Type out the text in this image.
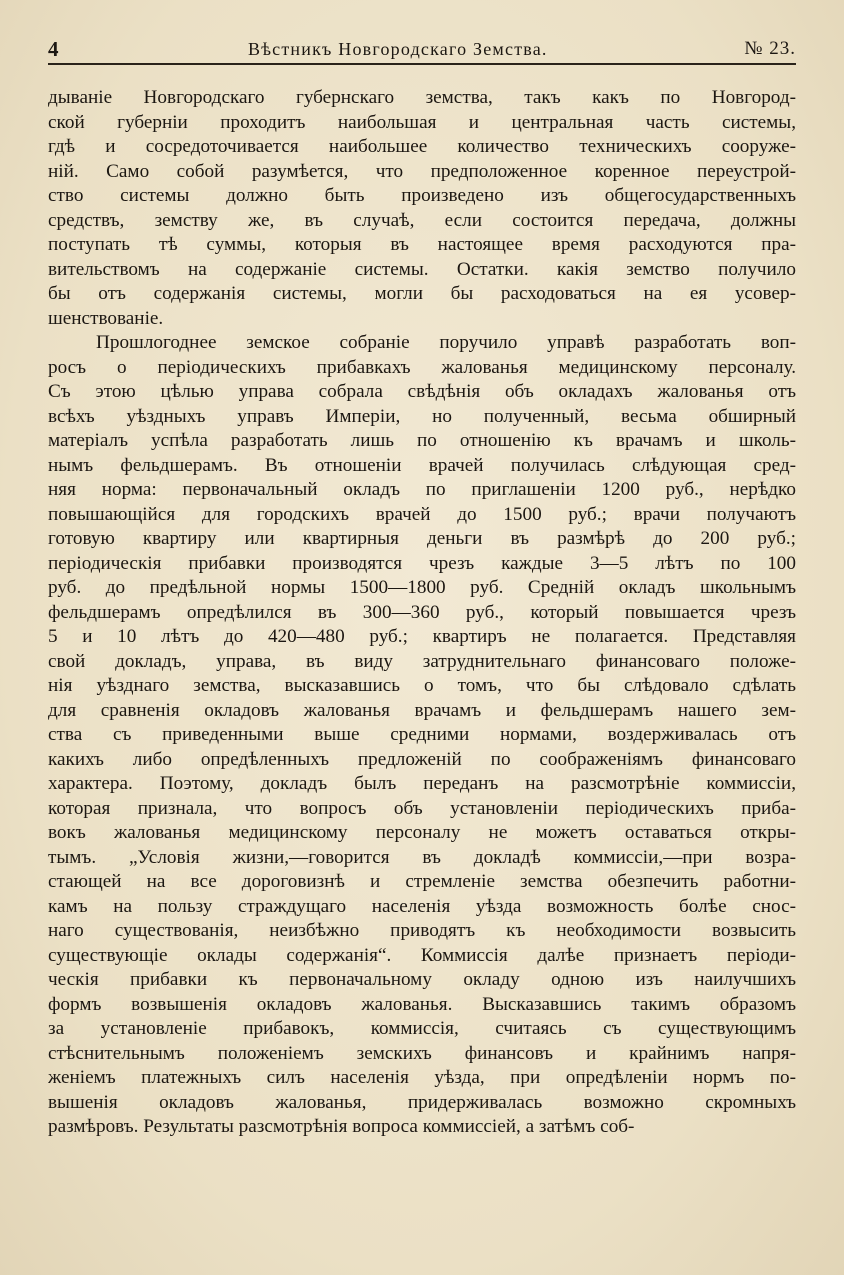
4	Вѣстникъ Новгородскаго Земства.	№ 23.
дываніе Новгородскаго губернскаго земства, такъ какъ по Новгород-
ской губерніи проходитъ наибольшая и центральная часть системы,
гдѣ и сосредоточивается наибольшее количество техническихъ сооруже-
ній. Само собой разумѣется, что предположенное коренное переустрой-
ство системы должно быть произведено изъ общегосударственныхъ
средствъ, земству же, въ случаѣ, если состоится передача, должны
поступать тѣ суммы, которыя въ настоящее время расходуются пра-
вительствомъ на содержаніе системы. Остатки. какія земство получило
бы отъ содержанія системы, могли бы расходоваться на ея усовер-
шенствованіе.
Прошлогоднее земское собраніе поручило управѣ разработать воп-
росъ о періодическихъ прибавкахъ жалованья медицинскому персоналу.
Съ этою цѣлью управа собрала свѣдѣнія объ окладахъ жалованья отъ
всѣхъ уѣздныхъ управъ Имперіи, но полученный, весьма обширный
матеріалъ успѣла разработать лишь по отношенію къ врачамъ и школь-
нымъ фельдшерамъ. Въ отношеніи врачей получилась слѣдующая сред-
няя норма: первоначальный окладъ по приглашеніи 1200 руб., нерѣдко
повышающійся для городскихъ врачей до 1500 руб.; врачи получаютъ
готовую квартиру или квартирныя деньги въ размѣрѣ до 200 руб.;
періодическія прибавки производятся чрезъ каждые 3—5 лѣтъ по 100
руб. до предѣльной нормы 1500—1800 руб. Средній окладъ школьнымъ
фельдшерамъ опредѣлился въ 300—360 руб., который повышается чрезъ
5 и 10 лѣтъ до 420—480 руб.; квартиръ не полагается. Представляя
свой докладъ, управа, въ виду затруднительнаго финансоваго положе-
нія уѣзднаго земства, высказавшись о томъ, что бы слѣдовало сдѣлать
для сравненія окладовъ жалованья врачамъ и фельдшерамъ нашего зем-
ства съ приведенными выше средними нормами, воздерживалась отъ
какихъ либо опредѣленныхъ предложеній по соображеніямъ финансоваго
характера. Поэтому, докладъ былъ переданъ на разсмотрѣніе коммиссіи,
которая признала, что вопросъ объ установленіи періодическихъ приба-
вокъ жалованья медицинскому персоналу не можетъ оставаться откры-
тымъ. „Условія жизни,—говорится въ докладѣ коммиссіи,—при возра-
стающей на все дороговизнѣ и стремленіе земства обезпечить работни-
камъ на пользу страждущаго населенія уѣзда возможность болѣе снос-
наго существованія, неизбѣжно приводятъ къ необходимости возвысить
существующіе оклады содержанія“. Коммиссія далѣе признаетъ періоди-
ческія прибавки къ первоначальному окладу одною изъ наилучшихъ
формъ возвышенія окладовъ жалованья. Высказавшись такимъ образомъ
за установленіе прибавокъ, коммиссія, считаясь съ существующимъ
стѣснительнымъ положеніемъ земскихъ финансовъ и крайнимъ напря-
женіемъ платежныхъ силъ населенія уѣзда, при опредѣленіи нормъ по-
вышенія окладовъ жалованья, придерживалась возможно скромныхъ
размѣровъ. Результаты разсмотрѣнія вопроса коммиссіей, а затѣмъ соб-
